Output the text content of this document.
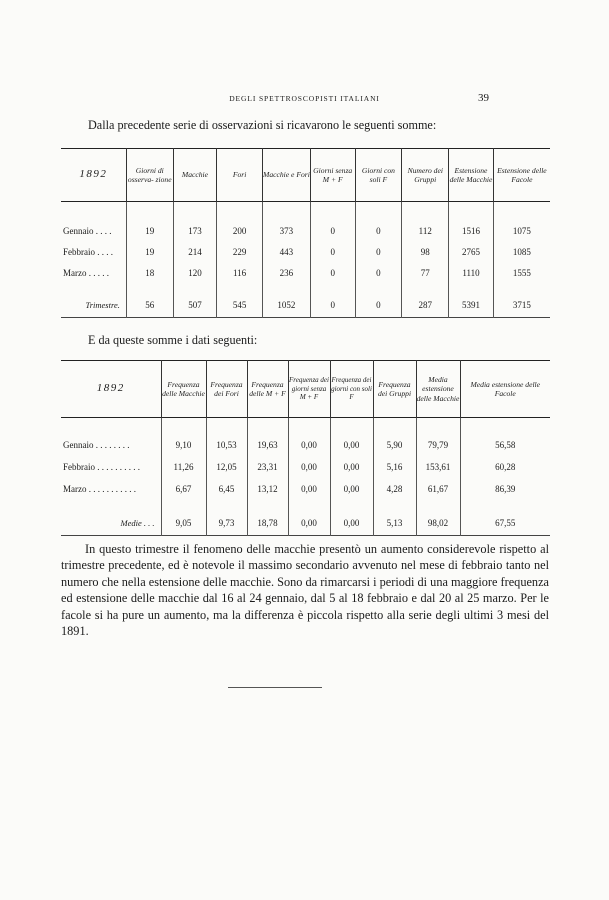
DEGLI SPETTROSCOPISTI ITALIANI	39
Dalla precedente serie di osservazioni si ricavarono le seguenti somme:
1892	Giorni di osserva- zione	Macchie	Fori	Macchie e Fori	Giorni senza M + F	Giorni con soli F	Numero dei Gruppi	Estensione delle Macchie	Estensione delle Facole

Gennaio . . . .	19	173	200	373	0	0	112	1516	1075
Febbraio . . . .	19	214	229	443	0	0	98	2765	1085
Marzo . . . . .	18	120	116	236	0	0	77	1110	1555

Trimestre.	56	507	545	1052	0	0	287	5391	3715
E da queste somme i dati seguenti:
1892	Frequenza delle Macchie	Frequenza dei Fori	Frequenza delle M + F	Frequenza dei giorni senza M + F	Frequenza dei giorni con soli F	Frequenza dei Gruppi	Media estensione delle Macchie	Media estensione delle Facole

Gennaio . . . . . . . .	9,10	10,53	19,63	0,00	0,00	5,90	79,79	56,58
Febbraio . . . . . . . . . .	11,26	12,05	23,31	0,00	0,00	5,16	153,61	60,28
Marzo . . . . . . . . . . .	6,67	6,45	13,12	0,00	0,00	4,28	61,67	86,39

Medie . . .	9,05	9,73	18,78	0,00	0,00	5,13	98,02	67,55

In questo trimestre il fenomeno delle macchie presentò un aumento considerevole rispetto al trimestre precedente, ed è notevole il massimo secondario avvenuto nel mese di febbraio tanto nel numero che nella estensione delle macchie. Sono da rimarcarsi i periodi di una maggiore frequenza ed estensione delle macchie dal 16 al 24 gennaio, dal 5 al 18 febbraio e dal 20 al 25 marzo. Per le facole si ha pure un aumento, ma la differenza è piccola rispetto alla serie degli ultimi 3 mesi del 1891.
